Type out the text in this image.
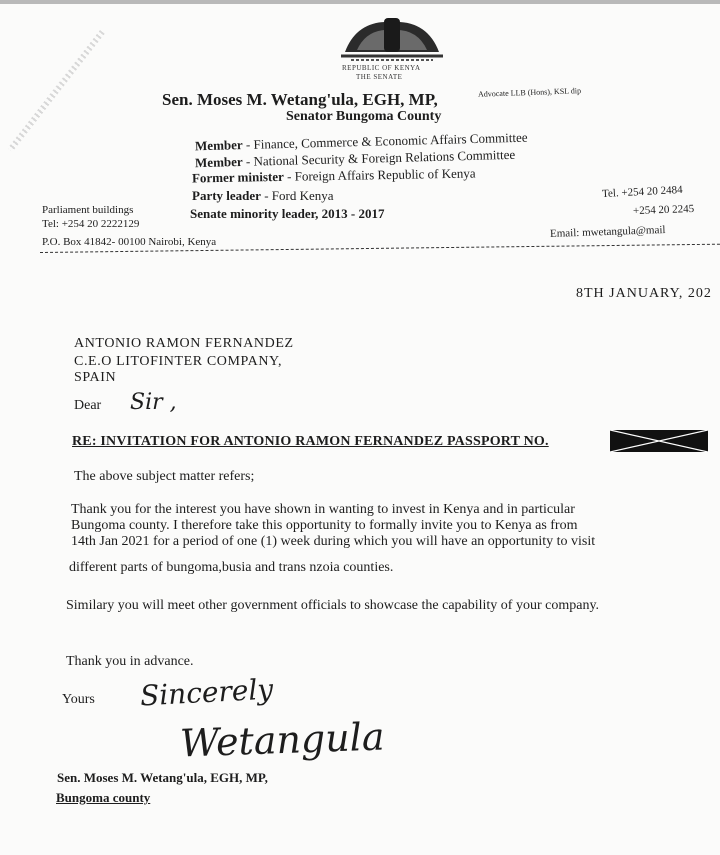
REPUBLIC OF KENYA
THE SENATE
Sen. Moses M. Wetang'ula, EGH, MP,	Advocate LLB (Hons), KSL dip
Senator Bungoma County
Member - Finance, Commerce & Economic Affairs Committee
Member - National Security & Foreign Relations Committee
Former minister - Foreign Affairs Republic of Kenya
Party leader - Ford Kenya
Senate minority leader, 2013 - 2017
Parliament buildings
Tel: +254 20 2222129
P.O. Box 41842- 00100 Nairobi, Kenya
Tel. +254 20 2484
+254 20 2245
Email: mwetangula@mail
8TH JANUARY, 202
ANTONIO RAMON FERNANDEZ
C.E.O LITOFINTER COMPANY,
SPAIN
Dear Sir ,
RE: INVITATION FOR ANTONIO RAMON FERNANDEZ PASSPORT NO.
The above subject matter refers;
Thank you for the interest you have shown in wanting to invest in Kenya and in particular
Bungoma county. I therefore take this opportunity to formally invite you to Kenya as from
14th Jan 2021 for a period of one (1) week during which you will have an opportunity to visit
different parts of bungoma,busia and trans nzoia counties.
Similary you will meet other government officials to showcase the capability of your company.
Thank you in advance.
Yours Sincerely
Wetangula
Sen. Moses M. Wetang'ula, EGH, MP,
Bungoma county
